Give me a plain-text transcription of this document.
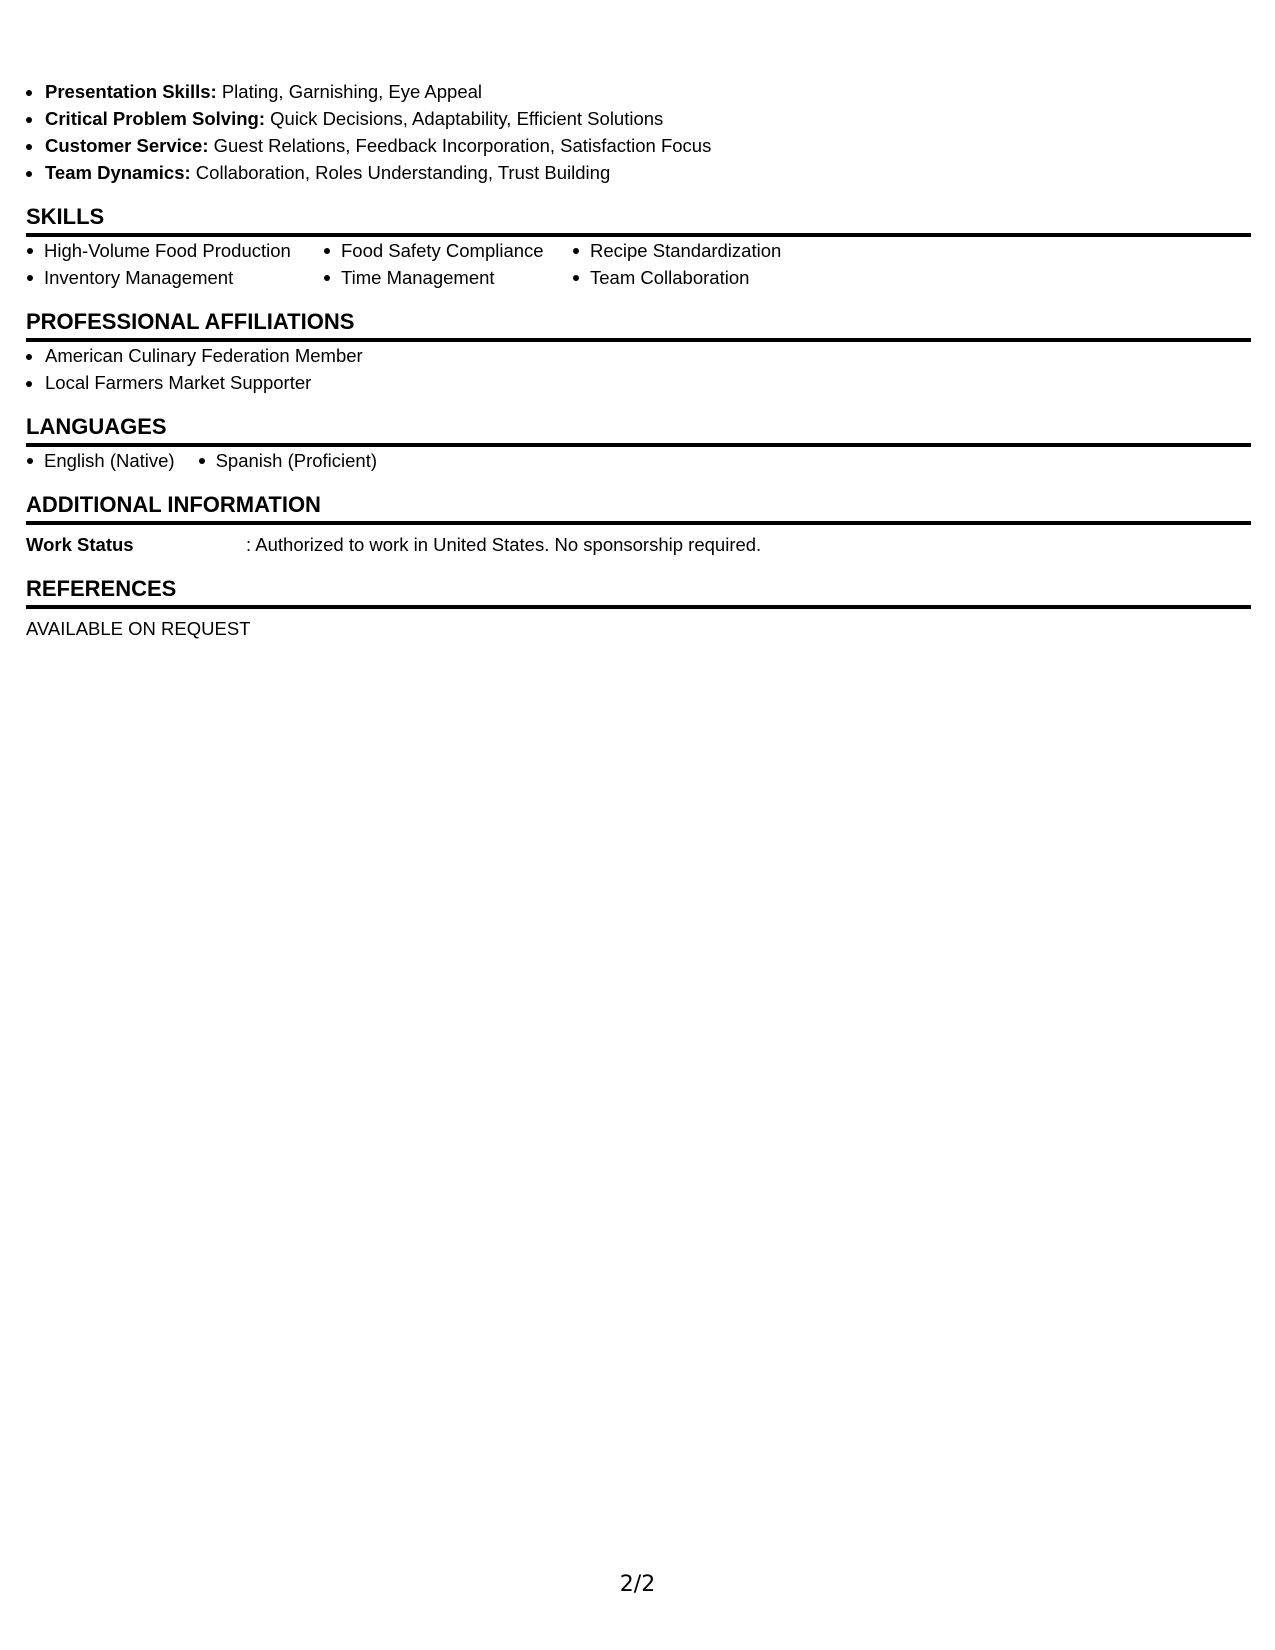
• Presentation Skills: Plating, Garnishing, Eye Appeal
• Critical Problem Solving: Quick Decisions, Adaptability, Efficient Solutions
• Customer Service: Guest Relations, Feedback Incorporation, Satisfaction Focus
• Team Dynamics: Collaboration, Roles Understanding, Trust Building
SKILLS
High-Volume Food Production	Food Safety Compliance	Recipe Standardization
Inventory Management	Time Management	Team Collaboration
PROFESSIONAL AFFILIATIONS
• American Culinary Federation Member
• Local Farmers Market Supporter
LANGUAGES
English (Native)	Spanish (Proficient)
ADDITIONAL INFORMATION
Work Status	: Authorized to work in United States. No sponsorship required.
REFERENCES
AVAILABLE ON REQUEST
2/2
